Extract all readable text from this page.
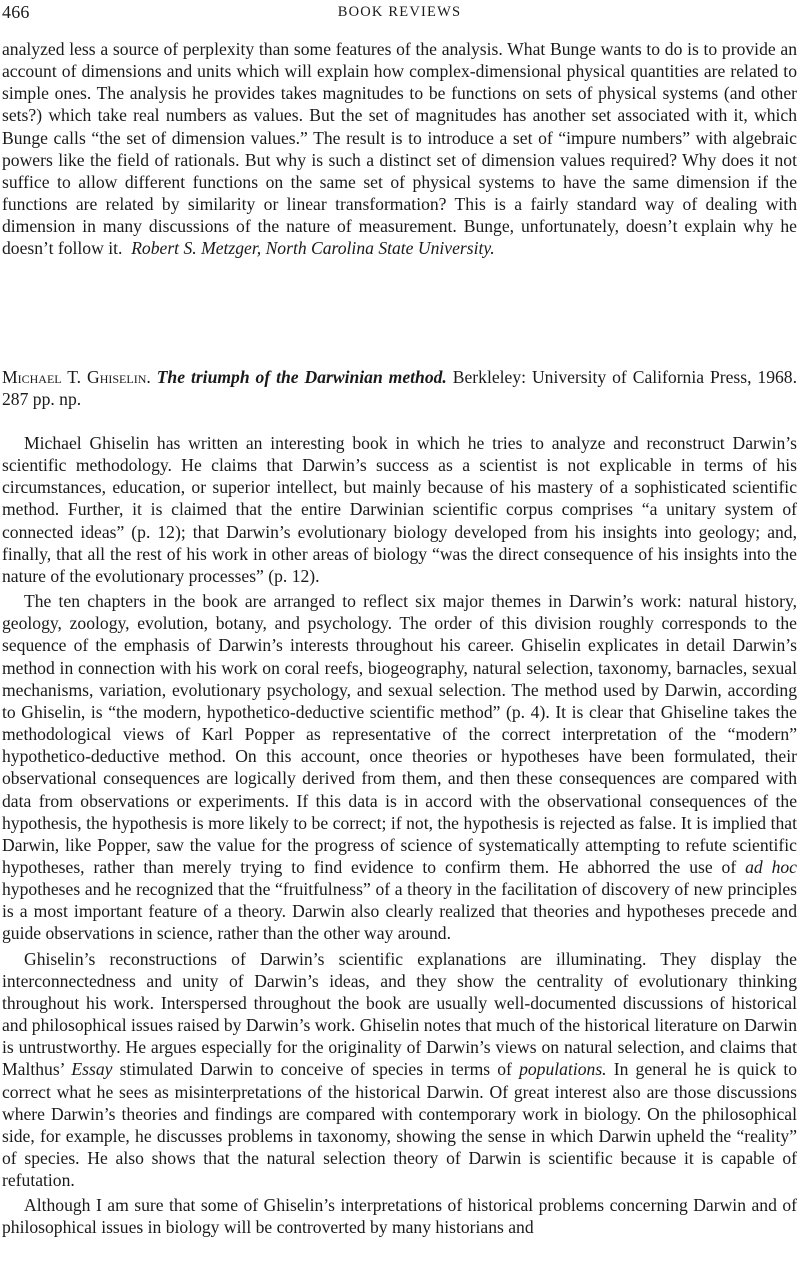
466	BOOK REVIEWS

analyzed less a source of perplexity than some features of the analysis. What Bunge wants to do is to provide an account of dimensions and units which will explain how complex-dimensional physical quantities are related to simple ones. The analysis he provides takes magnitudes to be functions on sets of physical systems (and other sets?) which take real numbers as values. But the set of magnitudes has another set associated with it, which Bunge calls “the set of dimension values.” The result is to introduce a set of “impure numbers” with algebraic powers like the field of rationals. But why is such a distinct set of dimension values required? Why does it not suffice to allow different functions on the same set of physical systems to have the same dimension if the functions are related by similarity or linear transformation? This is a fairly standard way of dealing with dimension in many discussions of the nature of measurement. Bunge, unfortunately, doesn’t explain why he doesn’t follow it. Robert S. Metzger, North Carolina State University.

Michael T. Ghiselin. The triumph of the Darwinian method. Berkleley: University of California Press, 1968. 287 pp. np.

Michael Ghiselin has written an interesting book in which he tries to analyze and reconstruct Darwin’s scientific methodology. He claims that Darwin’s success as a scientist is not explicable in terms of his circumstances, education, or superior intellect, but mainly because of his mastery of a sophisticated scientific method. Further, it is claimed that the entire Darwinian scientific corpus comprises “a unitary system of connected ideas” (p. 12); that Darwin’s evolutionary biology developed from his insights into geology; and, finally, that all the rest of his work in other areas of biology “was the direct consequence of his insights into the nature of the evolutionary processes” (p. 12).

The ten chapters in the book are arranged to reflect six major themes in Darwin’s work: natural history, geology, zoology, evolution, botany, and psychology. The order of this division roughly corresponds to the sequence of the emphasis of Darwin’s interests throughout his career. Ghiselin explicates in detail Darwin’s method in connection with his work on coral reefs, biogeography, natural selection, taxonomy, barnacles, sexual mechanisms, variation, evolutionary psychology, and sexual selection. The method used by Darwin, according to Ghiselin, is “the modern, hypothetico-deductive scientific method” (p. 4). It is clear that Ghiseline takes the methodological views of Karl Popper as representative of the correct interpretation of the “modern” hypothetico-deductive method. On this account, once theories or hypotheses have been formulated, their observational consequences are logically derived from them, and then these consequences are compared with data from observations or experiments. If this data is in accord with the observational consequences of the hypothesis, the hypothesis is more likely to be correct; if not, the hypothesis is rejected as false. It is implied that Darwin, like Popper, saw the value for the progress of science of systematically attempting to refute scientific hypotheses, rather than merely trying to find evidence to confirm them. He abhorred the use of ad hoc hypotheses and he recognized that the “fruitfulness” of a theory in the facilitation of discovery of new principles is a most important feature of a theory. Darwin also clearly realized that theories and hypotheses precede and guide observations in science, rather than the other way around.

Ghiselin’s reconstructions of Darwin’s scientific explanations are illuminating. They display the interconnectedness and unity of Darwin’s ideas, and they show the centrality of evolutionary thinking throughout his work. Interspersed throughout the book are usually well-documented discussions of historical and philosophical issues raised by Darwin’s work. Ghiselin notes that much of the historical literature on Darwin is untrustworthy. He argues especially for the originality of Darwin’s views on natural selection, and claims that Malthus’ Essay stimulated Darwin to conceive of species in terms of populations. In general he is quick to correct what he sees as misinterpretations of the historical Darwin. Of great interest also are those discussions where Darwin’s theories and findings are compared with contemporary work in biology. On the philosophical side, for example, he discusses problems in taxonomy, showing the sense in which Darwin upheld the “reality” of species. He also shows that the natural selection theory of Darwin is scientific because it is capable of refutation.

Although I am sure that some of Ghiselin’s interpretations of historical problems concerning Darwin and of philosophical issues in biology will be controverted by many historians and
